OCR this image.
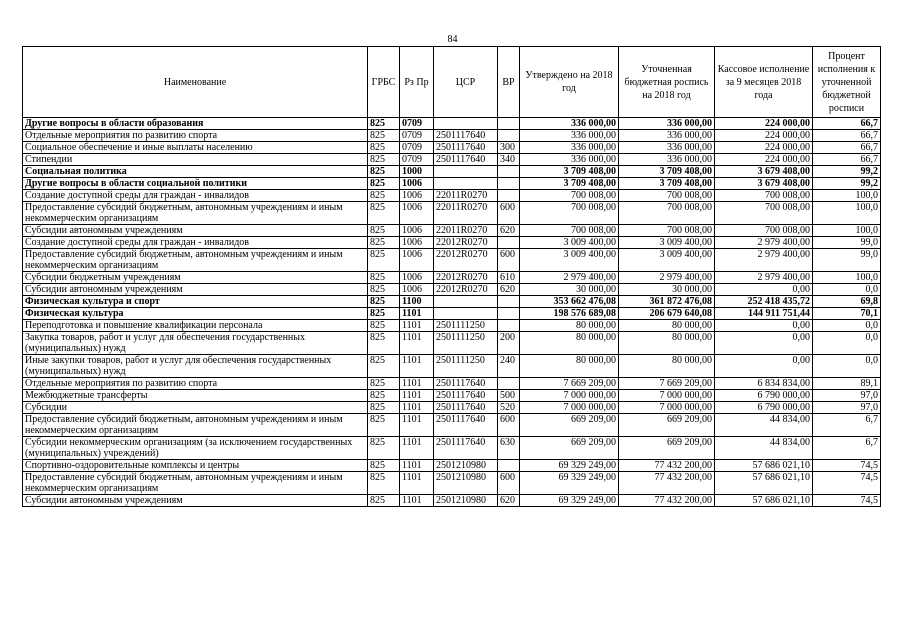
84
Наименование	ГРБС	Рз Пр	ЦСР	ВР	Утверждено на 2018 год	Уточненная бюджетная роспись на 2018 год	Кассовое исполнение за 9 месяцев 2018 года	Процент исполнения к уточненной бюджетной росписи
Другие вопросы в области образования	825	0709			336 000,00	336 000,00	224 000,00	66,7
Отдельные мероприятия по развитию спорта	825	0709	2501117640		336 000,00	336 000,00	224 000,00	66,7
Социальное обеспечение и иные выплаты населению	825	0709	2501117640	300	336 000,00	336 000,00	224 000,00	66,7
Стипендии	825	0709	2501117640	340	336 000,00	336 000,00	224 000,00	66,7
Социальная политика	825	1000			3 709 408,00	3 709 408,00	3 679 408,00	99,2
Другие вопросы в области социальной политики	825	1006			3 709 408,00	3 709 408,00	3 679 408,00	99,2
Создание доступной среды для граждан - инвалидов	825	1006	22011R0270		700 008,00	700 008,00	700 008,00	100,0
Предоставление субсидий бюджетным, автономным учреждениям и иным некоммерческим организациям	825	1006	22011R0270	600	700 008,00	700 008,00	700 008,00	100,0
Субсидии автономным учреждениям	825	1006	22011R0270	620	700 008,00	700 008,00	700 008,00	100,0
Создание доступной среды для граждан - инвалидов	825	1006	22012R0270		3 009 400,00	3 009 400,00	2 979 400,00	99,0
Предоставление субсидий бюджетным, автономным учреждениям и иным некоммерческим организациям	825	1006	22012R0270	600	3 009 400,00	3 009 400,00	2 979 400,00	99,0
Субсидии бюджетным учреждениям	825	1006	22012R0270	610	2 979 400,00	2 979 400,00	2 979 400,00	100,0
Субсидии автономным учреждениям	825	1006	22012R0270	620	30 000,00	30 000,00	0,00	0,0
Физическая культура и спорт	825	1100			353 662 476,08	361 872 476,08	252 418 435,72	69,8
Физическая культура	825	1101			198 576 689,08	206 679 640,08	144 911 751,44	70,1
Переподготовка и повышение квалификации персонала	825	1101	2501111250		80 000,00	80 000,00	0,00	0,0
Закупка товаров, работ и услуг для обеспечения государственных (муниципальных) нужд	825	1101	2501111250	200	80 000,00	80 000,00	0,00	0,0
Иные закупки товаров, работ и услуг для обеспечения государственных (муниципальных) нужд	825	1101	2501111250	240	80 000,00	80 000,00	0,00	0,0
Отдельные мероприятия по развитию спорта	825	1101	2501117640		7 669 209,00	7 669 209,00	6 834 834,00	89,1
Межбюджетные трансферты	825	1101	2501117640	500	7 000 000,00	7 000 000,00	6 790 000,00	97,0
Субсидии	825	1101	2501117640	520	7 000 000,00	7 000 000,00	6 790 000,00	97,0
Предоставление субсидий бюджетным, автономным учреждениям и иным некоммерческим организациям	825	1101	2501117640	600	669 209,00	669 209,00	44 834,00	6,7
Субсидии некоммерческим организациям (за исключением государственных (муниципальных) учреждений)	825	1101	2501117640	630	669 209,00	669 209,00	44 834,00	6,7
Спортивно-оздоровительные комплексы и центры	825	1101	2501210980		69 329 249,00	77 432 200,00	57 686 021,10	74,5
Предоставление субсидий бюджетным, автономным учреждениям и иным некоммерческим организациям	825	1101	2501210980	600	69 329 249,00	77 432 200,00	57 686 021,10	74,5
Субсидии автономным учреждениям	825	1101	2501210980	620	69 329 249,00	77 432 200,00	57 686 021,10	74,5
